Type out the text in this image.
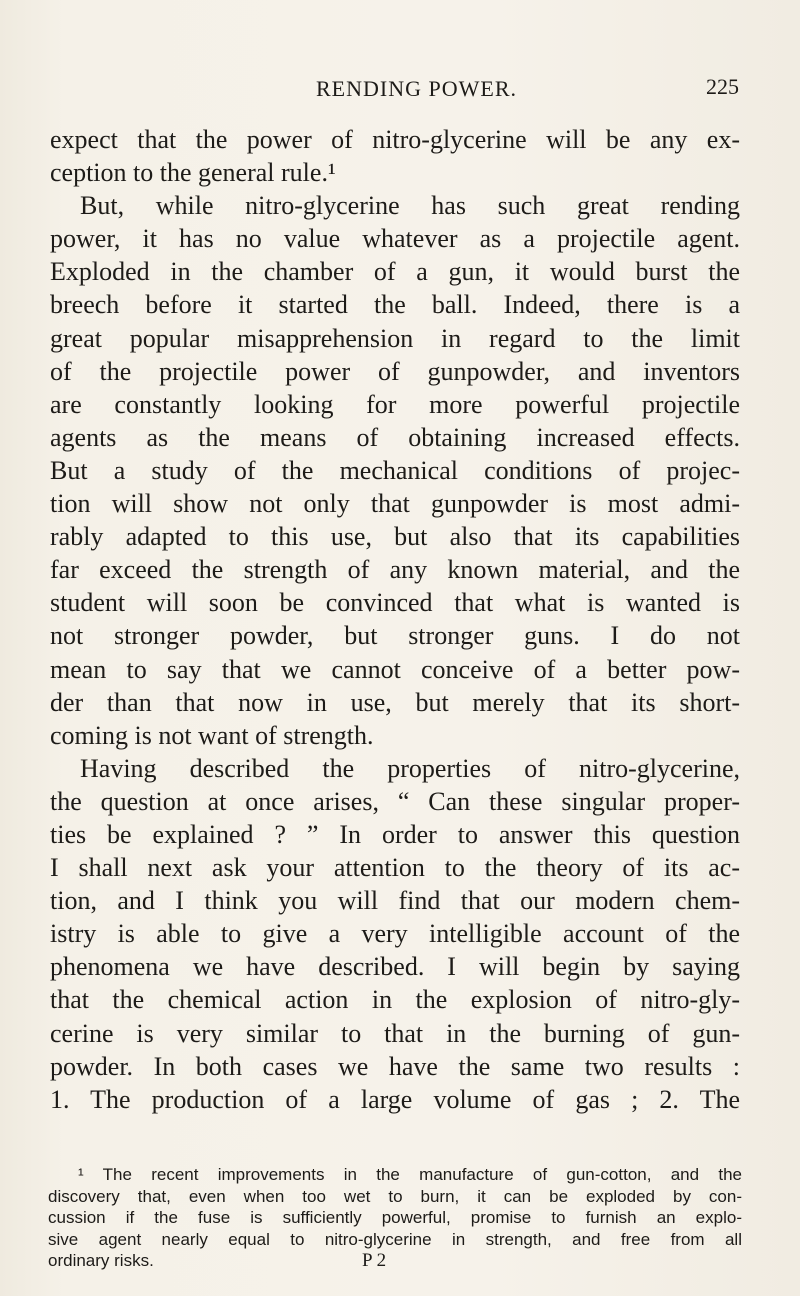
RENDING POWER.	225
expect that the power of nitro-glycerine will be any ex-
ception to the general rule.¹
But, while nitro-glycerine has such great rending
power, it has no value whatever as a projectile agent.
Exploded in the chamber of a gun, it would burst the
breech before it started the ball. Indeed, there is a
great popular misapprehension in regard to the limit
of the projectile power of gunpowder, and inventors
are constantly looking for more powerful projectile
agents as the means of obtaining increased effects.
But a study of the mechanical conditions of projec-
tion will show not only that gunpowder is most admi-
rably adapted to this use, but also that its capabilities
far exceed the strength of any known material, and the
student will soon be convinced that what is wanted is
not stronger powder, but stronger guns. I do not
mean to say that we cannot conceive of a better pow-
der than that now in use, but merely that its short-
coming is not want of strength.
Having described the properties of nitro-glycerine,
the question at once arises, “ Can these singular proper-
ties be explained ? ” In order to answer this question
I shall next ask your attention to the theory of its ac-
tion, and I think you will find that our modern chem-
istry is able to give a very intelligible account of the
phenomena we have described. I will begin by saying
that the chemical action in the explosion of nitro-gly-
cerine is very similar to that in the burning of gun-
powder. In both cases we have the same two results :
1. The production of a large volume of gas ; 2. The
¹ The recent improvements in the manufacture of gun-cotton, and the
discovery that, even when too wet to burn, it can be exploded by con-
cussion if the fuse is sufficiently powerful, promise to furnish an explo-
sive agent nearly equal to nitro-glycerine in strength, and free from all
ordinary risks.	P 2
